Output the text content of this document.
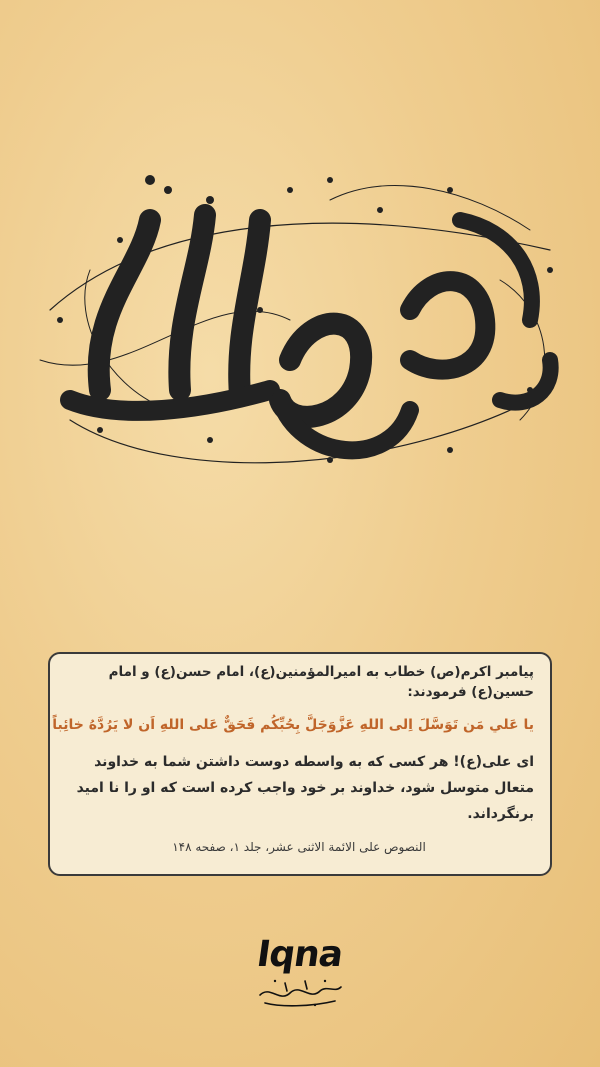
پیامبر اکرم(ص) خطاب به امیرالمؤمنین(ع)، امام حسن(ع) و امام حسین(ع) فرمودند:
يا عَلي مَن تَوَسَّلَ اِلى اللهِ عَزَّوَجَلَّ بِحُبِّكُم فَحَقٌّ عَلى اللهِ اَن لا يَرُدَّهُ خائِباً
ای علی(ع)! هر کسی که به واسطه دوست داشتن شما به خداوند متعال متوسل شود، خداوند بر خود واجب کرده است که او را نا امید برنگرداند.
النصوص علی الائمة الاثنی عشر، جلد ۱، صفحه ۱۴۸
Iqna
